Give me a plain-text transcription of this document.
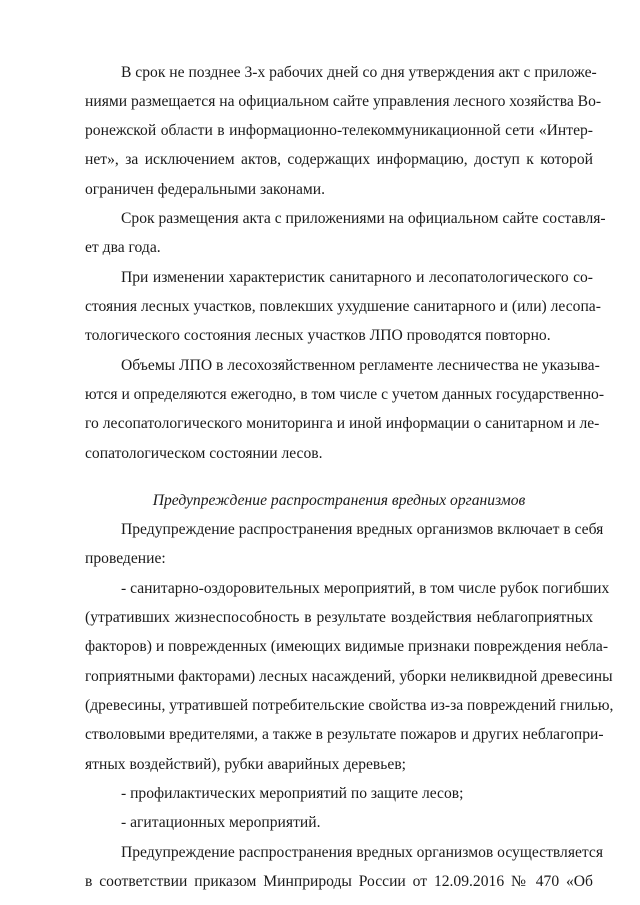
В срок не позднее 3-х рабочих дней со дня утверждения акт с приложе-
ниями размещается на официальном сайте управления лесного хозяйства Во-
ронежской области в информационно-телекоммуникационной сети «Интер-
нет», за исключением актов, содержащих информацию, доступ к которой
ограничен федеральными законами.
Срок размещения акта с приложениями на официальном сайте составля-
ет два года.
При изменении характеристик санитарного и лесопатологического со-
стояния лесных участков, повлекших ухудшение санитарного и (или) лесопа-
тологического состояния лесных участков ЛПО проводятся повторно.
Объемы ЛПО в лесохозяйственном регламенте лесничества не указыва-
ются и определяются ежегодно, в том числе с учетом данных государственно-
го лесопатологического мониторинга и иной информации о санитарном и ле-
сопатологическом состоянии лесов.
Предупреждение распространения вредных организмов
Предупреждение распространения вредных организмов включает в себя
проведение:
- санитарно-оздоровительных мероприятий, в том числе рубок погибших
(утративших жизнеспособность в результате воздействия неблагоприятных
факторов) и поврежденных (имеющих видимые признаки повреждения небла-
гоприятными факторами) лесных насаждений, уборки неликвидной древесины
(древесины, утратившей потребительские свойства из-за повреждений гнилью,
стволовыми вредителями, а также в результате пожаров и других неблагопри-
ятных воздействий), рубки аварийных деревьев;
- профилактических мероприятий по защите лесов;
- агитационных мероприятий.
Предупреждение распространения вредных организмов осуществляется
в соответствии приказом Минприроды России от 12.09.2016 № 470 «Об
